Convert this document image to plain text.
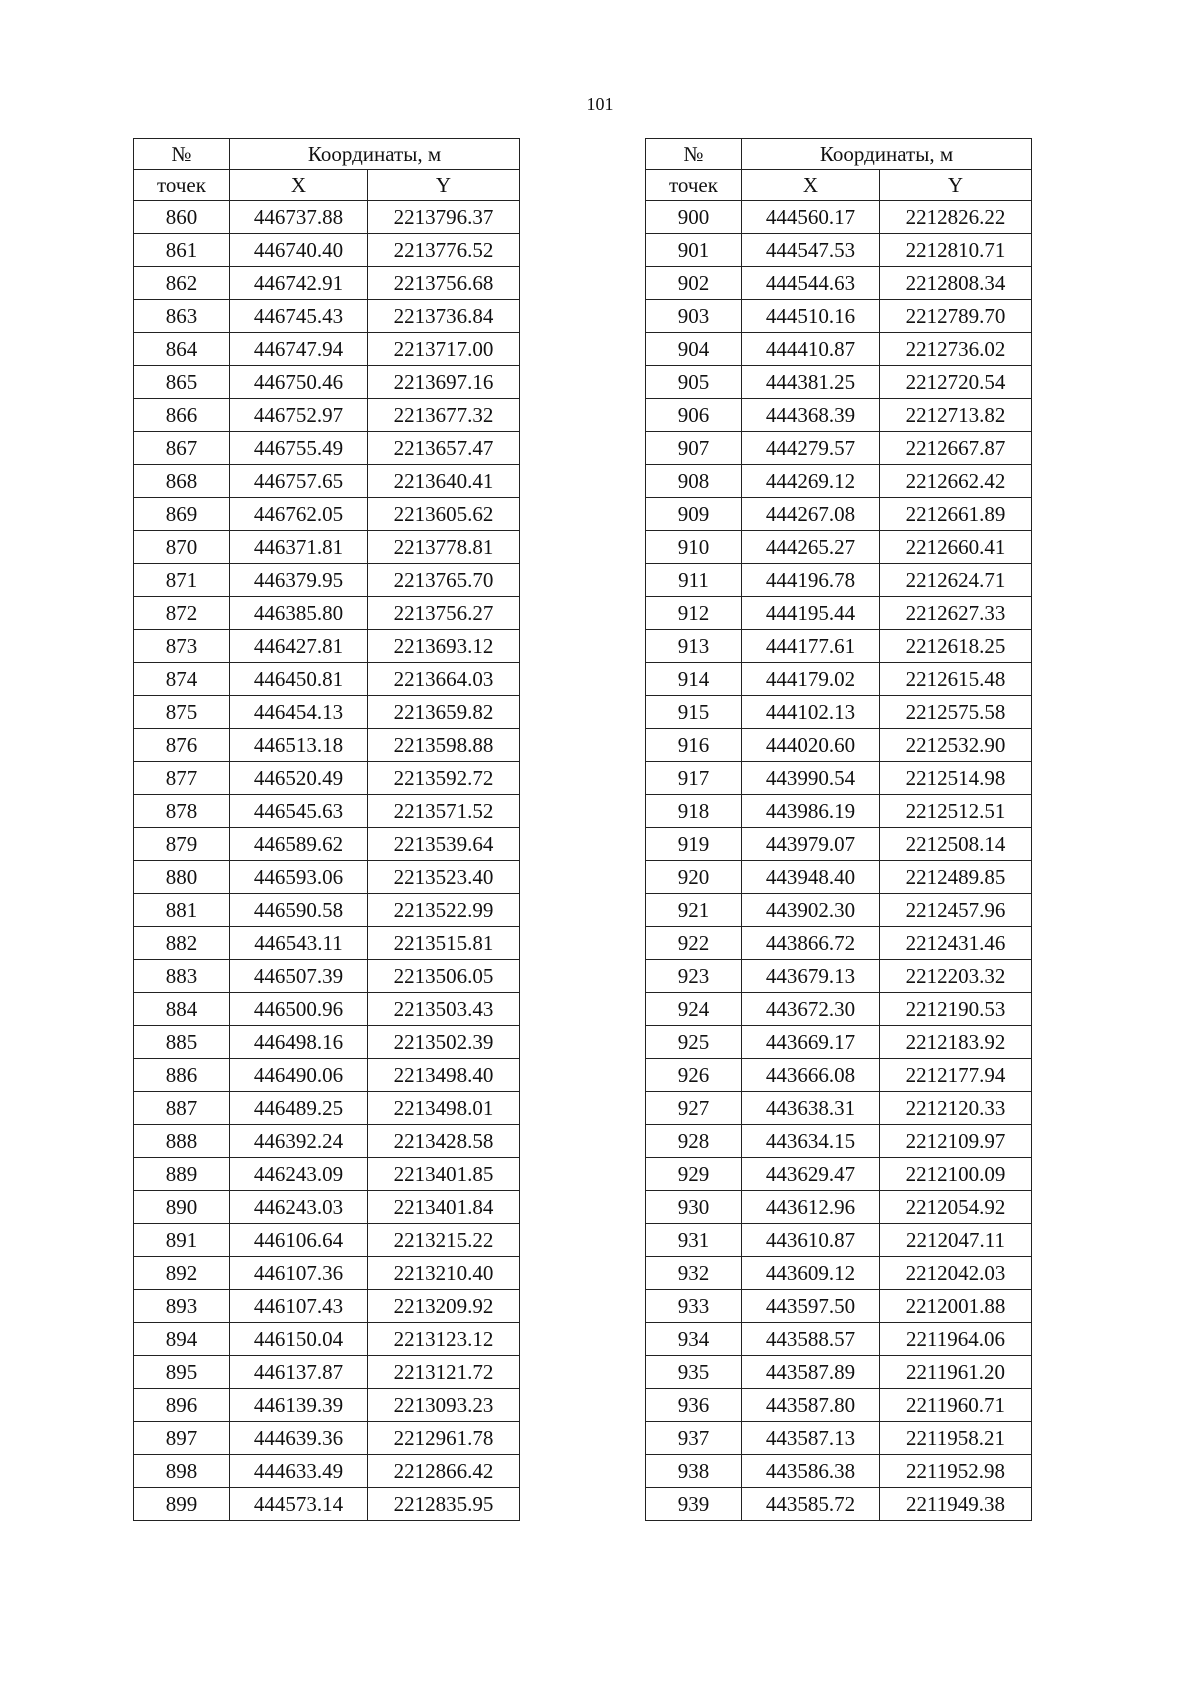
101
№	Координаты, м	
точек	X	Y
860	446737.88	2213796.37
861	446740.40	2213776.52
862	446742.91	2213756.68
863	446745.43	2213736.84
864	446747.94	2213717.00
865	446750.46	2213697.16
866	446752.97	2213677.32
867	446755.49	2213657.47
868	446757.65	2213640.41
869	446762.05	2213605.62
870	446371.81	2213778.81
871	446379.95	2213765.70
872	446385.80	2213756.27
873	446427.81	2213693.12
874	446450.81	2213664.03
875	446454.13	2213659.82
876	446513.18	2213598.88
877	446520.49	2213592.72
878	446545.63	2213571.52
879	446589.62	2213539.64
880	446593.06	2213523.40
881	446590.58	2213522.99
882	446543.11	2213515.81
883	446507.39	2213506.05
884	446500.96	2213503.43
885	446498.16	2213502.39
886	446490.06	2213498.40
887	446489.25	2213498.01
888	446392.24	2213428.58
889	446243.09	2213401.85
890	446243.03	2213401.84
891	446106.64	2213215.22
892	446107.36	2213210.40
893	446107.43	2213209.92
894	446150.04	2213123.12
895	446137.87	2213121.72
896	446139.39	2213093.23
897	444639.36	2212961.78
898	444633.49	2212866.42
899	444573.14	2212835.95
№	Координаты, м	
точек	X	Y
900	444560.17	2212826.22
901	444547.53	2212810.71
902	444544.63	2212808.34
903	444510.16	2212789.70
904	444410.87	2212736.02
905	444381.25	2212720.54
906	444368.39	2212713.82
907	444279.57	2212667.87
908	444269.12	2212662.42
909	444267.08	2212661.89
910	444265.27	2212660.41
911	444196.78	2212624.71
912	444195.44	2212627.33
913	444177.61	2212618.25
914	444179.02	2212615.48
915	444102.13	2212575.58
916	444020.60	2212532.90
917	443990.54	2212514.98
918	443986.19	2212512.51
919	443979.07	2212508.14
920	443948.40	2212489.85
921	443902.30	2212457.96
922	443866.72	2212431.46
923	443679.13	2212203.32
924	443672.30	2212190.53
925	443669.17	2212183.92
926	443666.08	2212177.94
927	443638.31	2212120.33
928	443634.15	2212109.97
929	443629.47	2212100.09
930	443612.96	2212054.92
931	443610.87	2212047.11
932	443609.12	2212042.03
933	443597.50	2212001.88
934	443588.57	2211964.06
935	443587.89	2211961.20
936	443587.80	2211960.71
937	443587.13	2211958.21
938	443586.38	2211952.98
939	443585.72	2211949.38
